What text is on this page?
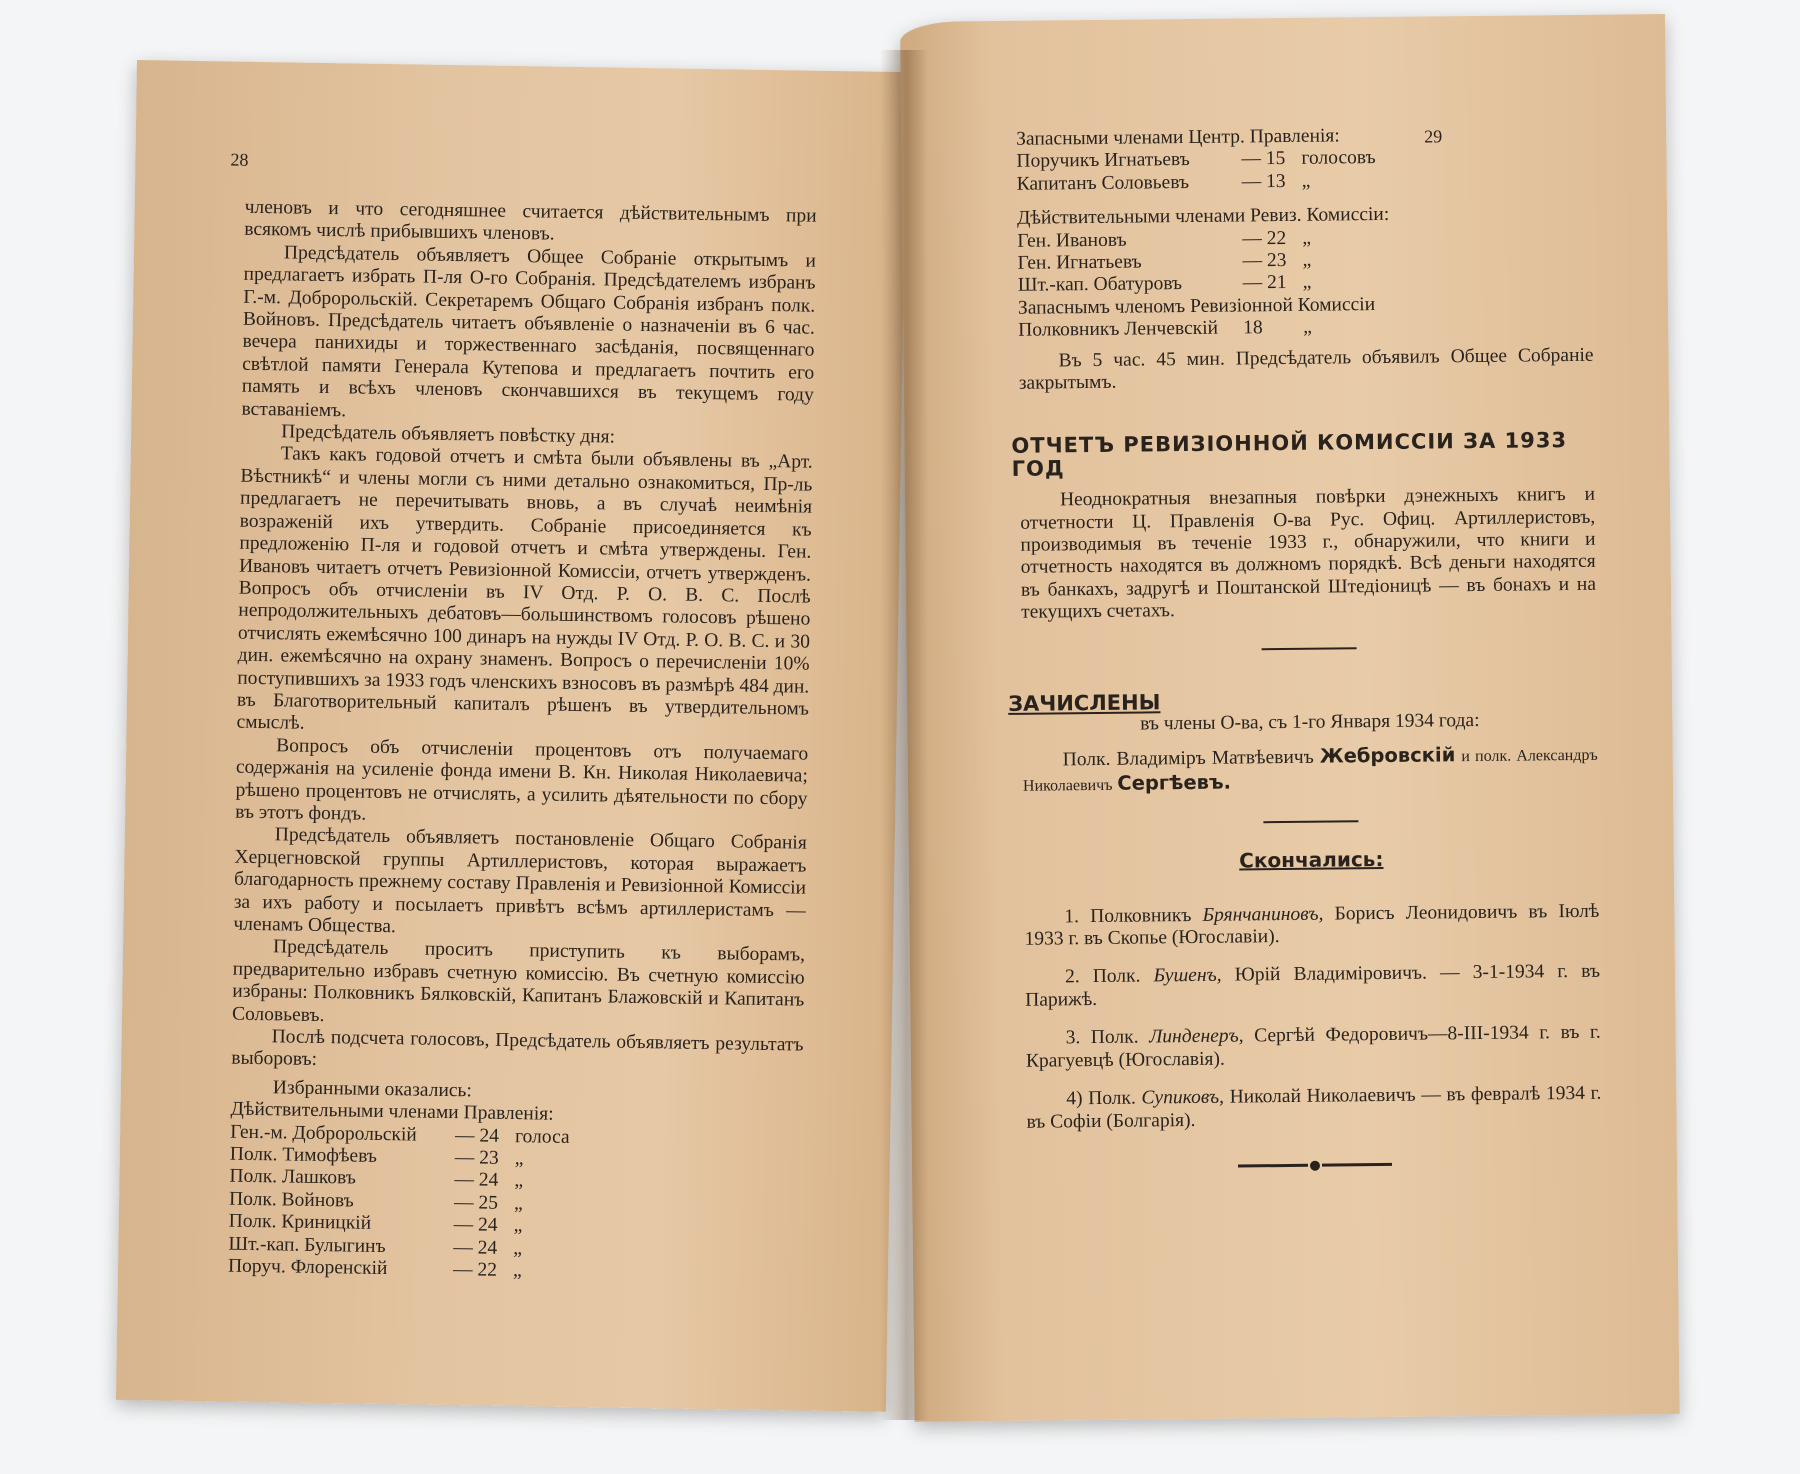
28

членовъ и что сегодняшнее считается дѣйствительнымъ при всякомъ числѣ прибывшихъ членовъ.

Предсѣдатель объявляетъ Общее Собраніе открытымъ и предлагаетъ избрать П-ля О-го Собранія. Предсѣдателемъ избранъ Г.-м. Добророльскій. Секретаремъ Общаго Собранія избранъ полк. Войновъ. Предсѣдатель читаетъ объявленіе о назначеніи въ 6 час. вечера панихиды и торжественнаго засѣданія, посвященнаго свѣтлой памяти Генерала Кутепова и предлагаетъ почтить его память и всѣхъ членовъ скончавшихся въ текущемъ году вставаніемъ.

Предсѣдатель объявляетъ повѣстку дня:

Такъ какъ годовой отчетъ и смѣта были объявлены въ „Арт. Вѣстникѣ“ и члены могли съ ними детально ознакомиться, Пр-ль предлагаетъ не перечитывать вновь, а въ случаѣ неимѣнія возраженій ихъ утвердить. Собраніе присоединяется къ предложенію П-ля и годовой отчетъ и смѣта утверждены. Ген. Ивановъ читаетъ отчетъ Ревизіонной Комиссіи, отчетъ утвержденъ. Вопросъ объ отчисленіи въ IV Отд. Р. О. В. С. Послѣ непродолжительныхъ дебатовъ—большинствомъ голосовъ рѣшено отчислять ежемѣсячно 100 динаръ на нужды IV Отд. Р. О. В. С. и 30 дин. ежемѣсячно на охрану знаменъ. Вопросъ о перечисленіи 10% поступившихъ за 1933 годъ членскихъ взносовъ въ размѣрѣ 484 дин. въ Благотворительный капиталъ рѣшенъ въ утвердительномъ смыслѣ.

Вопросъ объ отчисленіи процентовъ отъ получаемаго содержанія на усиленіе фонда имени В. Кн. Николая Николаевича; рѣшено процентовъ не отчислять, а усилить дѣятельности по сбору въ этотъ фондъ.

Предсѣдатель объявляетъ постановленіе Общаго Собранія Херцегновской группы Артиллеристовъ, которая выражаетъ благодарность прежнему составу Правленія и Ревизіонной Комиссіи за ихъ работу и посылаетъ привѣтъ всѣмъ артиллеристамъ — членамъ Общества.

Предсѣдатель проситъ приступить къ выборамъ, предварительно избравъ счетную комиссію. Въ счетную комиссію избраны: Полковникъ Бялковскій, Капитанъ Блажовскій и Капитанъ Соловьевъ.

Послѣ подсчета голосовъ, Предсѣдатель объявляетъ результатъ выборовъ:

Избранными оказались:
Дѣйствительными членами Правленія:
Ген.-м. Добророльскій	— 24 голоса
Полк. Тимофѣевъ	— 23 „
Полк. Лашковъ	— 24 „
Полк. Войновъ	— 25 „
Полк. Криницкій	— 24 „
Шт.-кап. Булыгинъ	— 24 „
Поруч. Флоренскій	— 22 „
29
Запасными членами Центр. Правленія:
Поручикъ Игнатьевъ	— 15 голосовъ
Капитанъ Соловьевъ	— 13 „
Дѣйствительными членами Ревиз. Комиссіи:
Ген. Ивановъ	— 22 „
Ген. Игнатьевъ	— 23 „
Шт.-кап. Обатуровъ	— 21 „
Запаснымъ членомъ Ревизіонной Комиссіи
Полковникъ Ленчевскій	18	„

Въ 5 час. 45 мин. Предсѣдатель объявилъ Общее Собраніе закрытымъ.

ОТЧЕТЪ РЕВИЗІОННОЙ КОМИССІИ ЗА 1933 ГОД

Неоднократныя внезапныя повѣрки дэнежныхъ книгъ и отчетности Ц. Правленія О-ва Рус. Офиц. Артиллеристовъ, производимыя въ теченіе 1933 г., обнаружили, что книги и отчетность находятся въ должномъ порядкѣ. Всѣ деньги находятся въ банкахъ, задругѣ и Поштанской Штедіоницѣ — въ бонахъ и на текущихъ счетахъ.

ЗАЧИСЛЕНЫ
въ члены О-ва, съ 1-го Января 1934 года:

Полк. Владиміръ Матвѣевичъ Жебровскій и полк. Александръ Николаевичъ Сергѣевъ.

Скончались:

1. Полковникъ Брянчаниновъ, Борисъ Леонидовичъ въ Іюлѣ 1933 г. въ Скопье (Югославіи).

2. Полк. Бушенъ, Юрій Владиміровичъ. — 3-1-1934 г. въ Парижѣ.

3. Полк. Линденеръ, Сергѣй Федоровичъ—8-III-1934 г. въ г. Крагуевцѣ (Югославія).

4) Полк. Супиковъ, Николай Николаевичъ — въ февралѣ 1934 г. въ Софіи (Болгарія).
